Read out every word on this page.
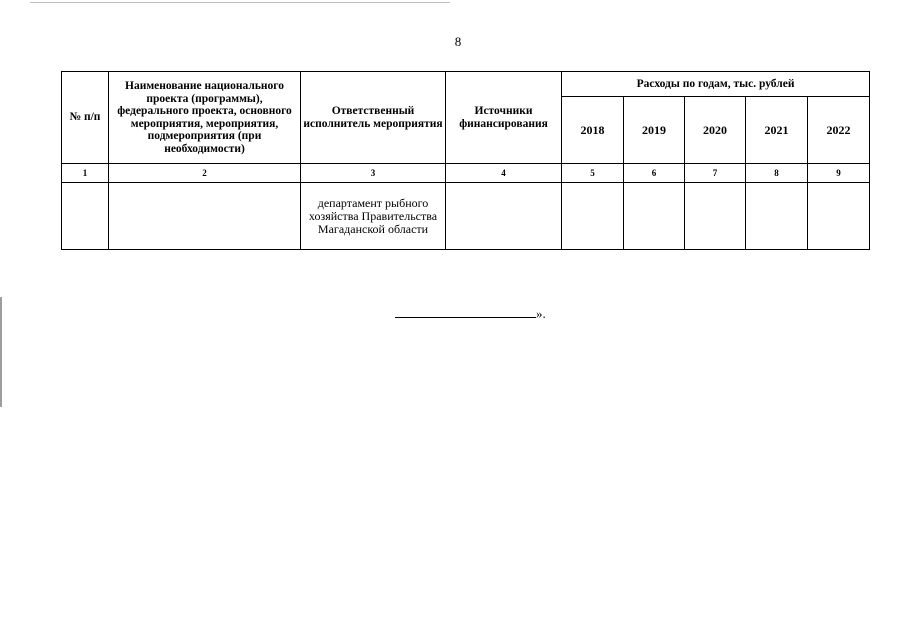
8
№ п/п	Наименование национального проекта (программы), федерального проекта, основного мероприятия, мероприятия, подмероприятия (при необходимости)	Ответственный исполнитель мероприятия	Источники финансирования	Расходы по годам, тыс. рублей				
				2018	2019	2020	2021	2022
1	2	3	4	5	6	7	8	9
		департамент рыбного хозяйства Правительства Магаданской области						
».
